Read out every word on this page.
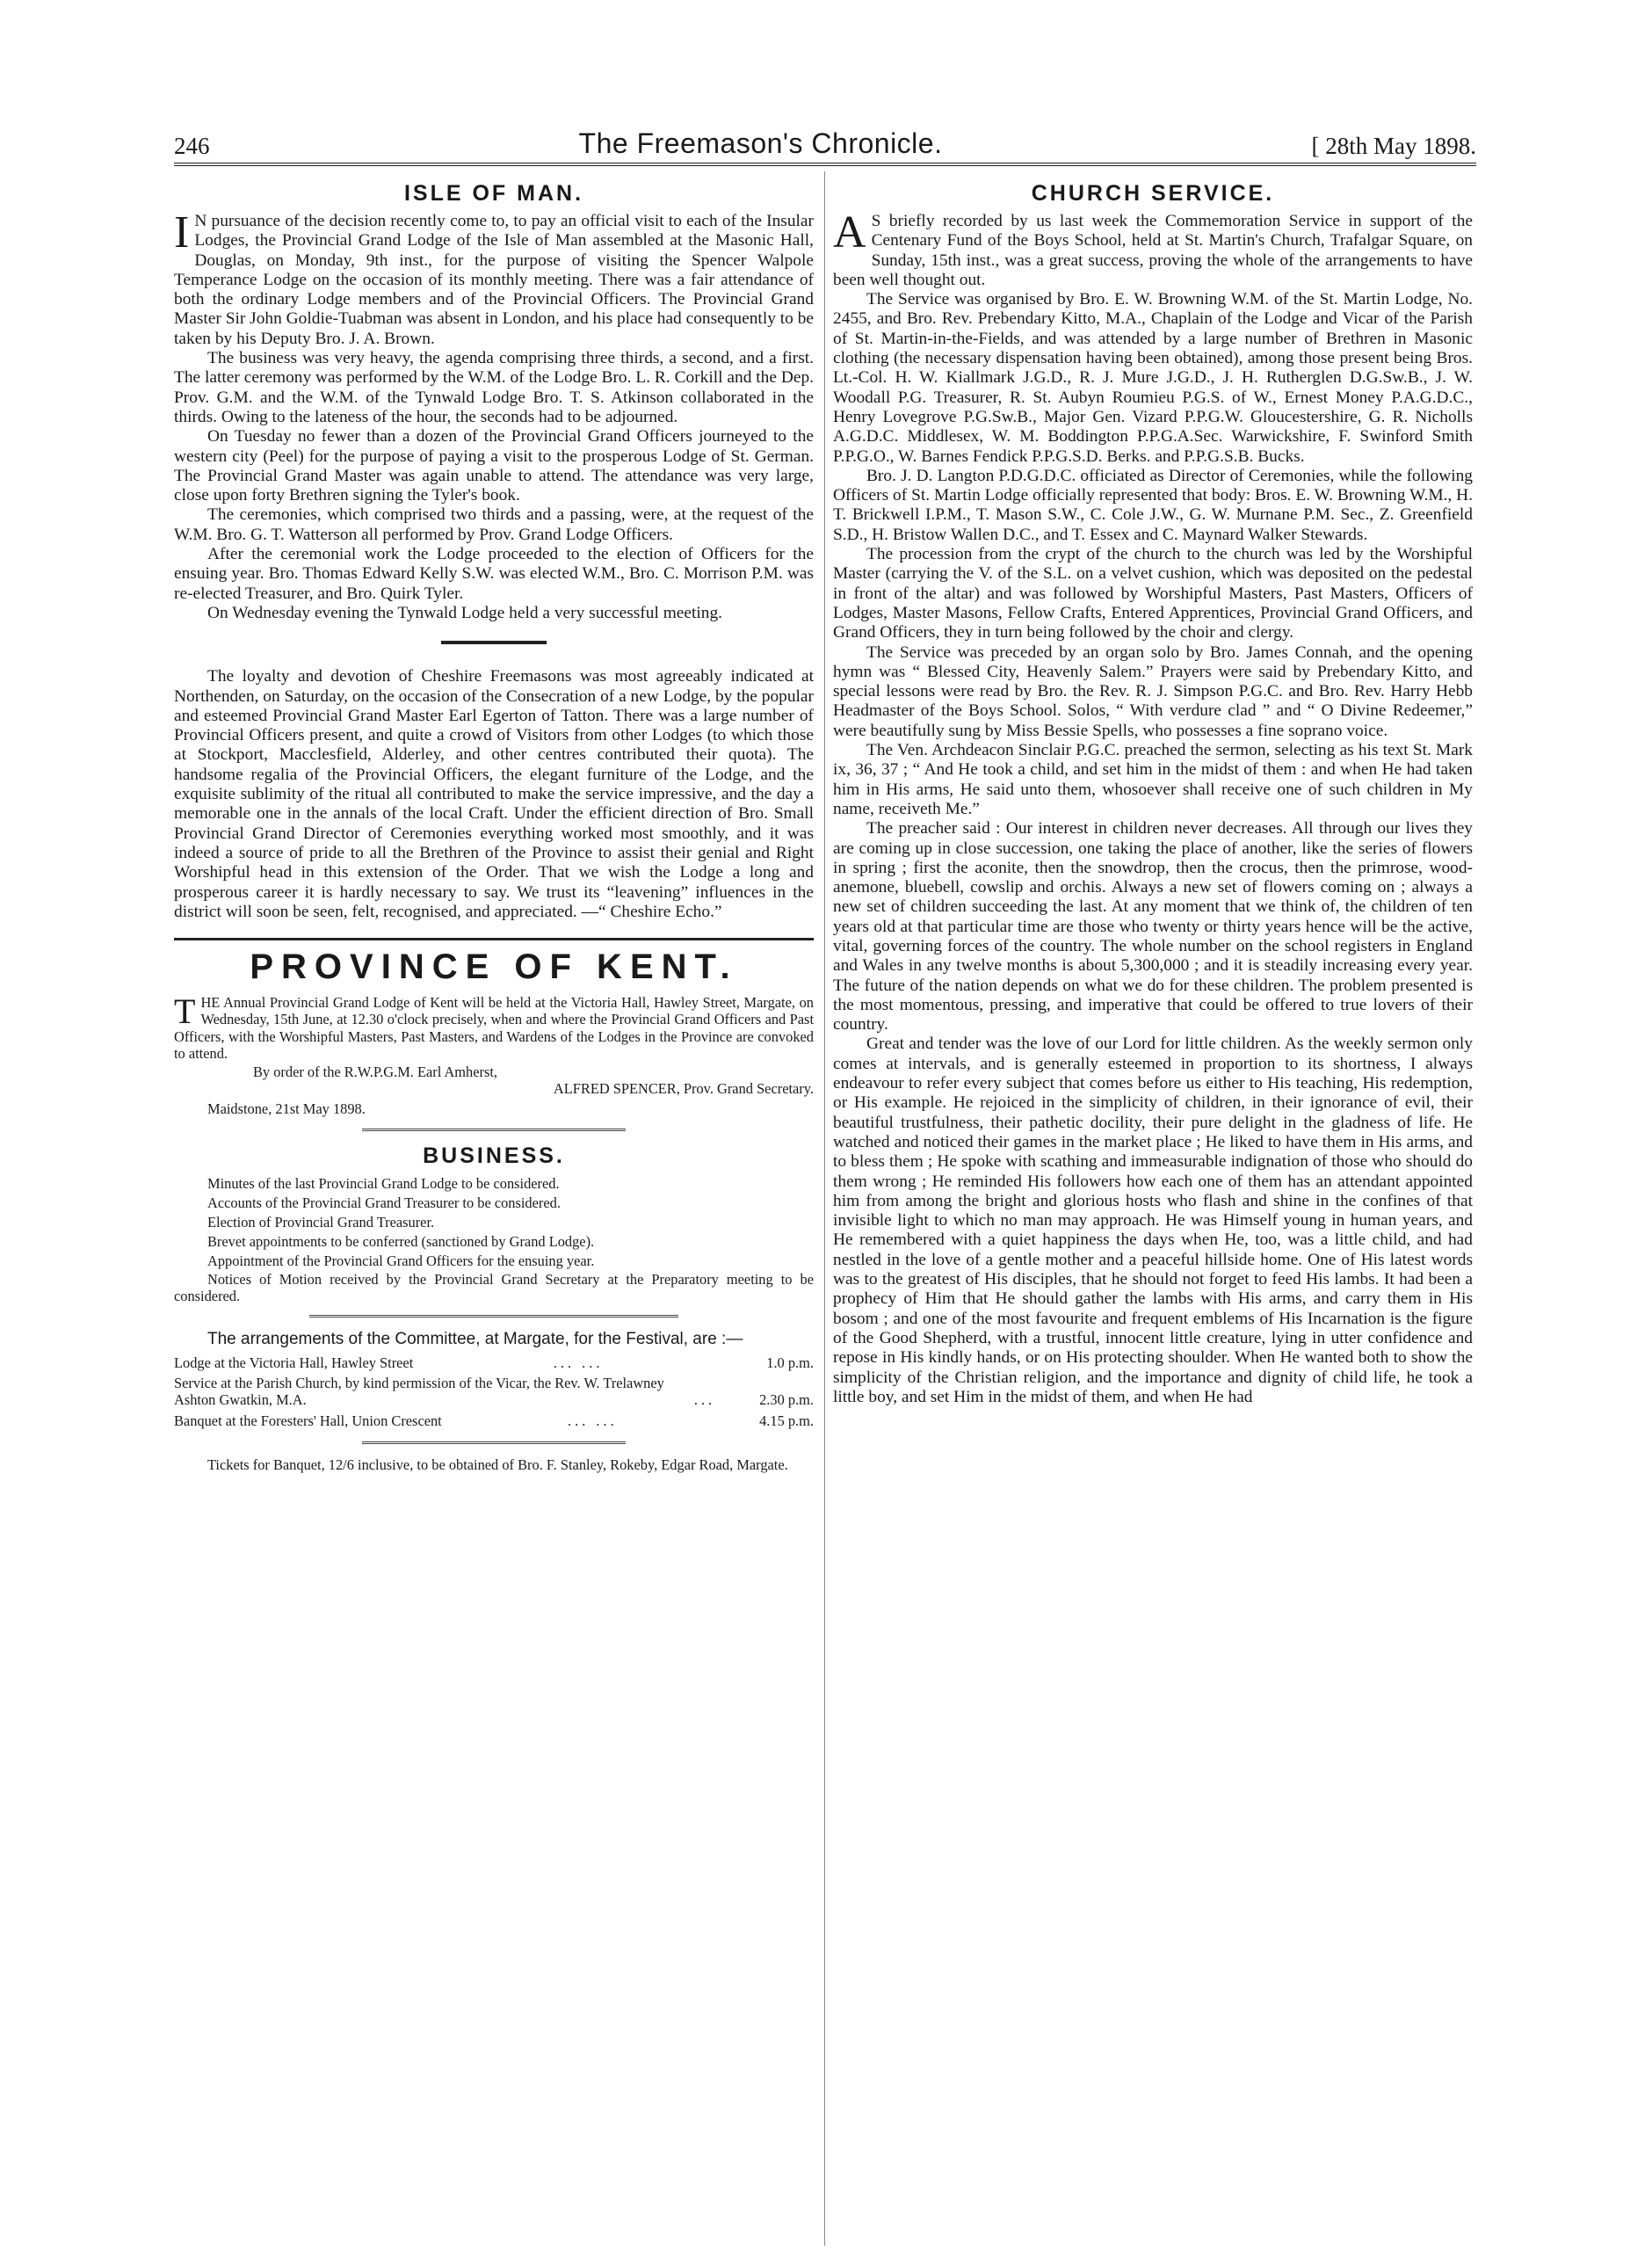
246	The Freemason's Chronicle.	[ 28th May 1898.
ISLE OF MAN.

I N pursuance of the decision recently come to, to pay an official visit to each of the Insular Lodges, the Provincial Grand Lodge of the Isle of Man assembled at the Masonic Hall, Douglas, on Monday, 9th inst., for the purpose of visiting the Spencer Walpole Temperance Lodge on the occasion of its monthly meeting. There was a fair attendance of both the ordinary Lodge members and of the Provincial Officers. The Provincial Grand Master Sir John Goldie-Tuabman was absent in London, and his place had consequently to be taken by his Deputy Bro. J. A. Brown.

The business was very heavy, the agenda comprising three thirds, a second, and a first. The latter ceremony was performed by the W.M. of the Lodge Bro. L. R. Corkill and the Dep. Prov. G.M. and the W.M. of the Tynwald Lodge Bro. T. S. Atkinson collaborated in the thirds. Owing to the lateness of the hour, the seconds had to be adjourned.

On Tuesday no fewer than a dozen of the Provincial Grand Officers journeyed to the western city (Peel) for the purpose of paying a visit to the prosperous Lodge of St. German. The Provincial Grand Master was again unable to attend. The attendance was very large, close upon forty Brethren signing the Tyler's book.

The ceremonies, which comprised two thirds and a passing, were, at the request of the W.M. Bro. G. T. Watterson all performed by Prov. Grand Lodge Officers.

After the ceremonial work the Lodge proceeded to the election of Officers for the ensuing year. Bro. Thomas Edward Kelly S.W. was elected W.M., Bro. C. Morrison P.M. was re-elected Treasurer, and Bro. Quirk Tyler.

On Wednesday evening the Tynwald Lodge held a very successful meeting.

The loyalty and devotion of Cheshire Freemasons was most agreeably indicated at Northenden, on Saturday, on the occasion of the Consecration of a new Lodge, by the popular and esteemed Provincial Grand Master Earl Egerton of Tatton. There was a large number of Provincial Officers present, and quite a crowd of Visitors from other Lodges (to which those at Stockport, Macclesfield, Alderley, and other centres contributed their quota). The handsome regalia of the Provincial Officers, the elegant furniture of the Lodge, and the exquisite sublimity of the ritual all contributed to make the service impressive, and the day a memorable one in the annals of the local Craft. Under the efficient direction of Bro. Small Provincial Grand Director of Ceremonies everything worked most smoothly, and it was indeed a source of pride to all the Brethren of the Province to assist their genial and Right Worshipful head in this extension of the Order. That we wish the Lodge a long and prosperous career it is hardly necessary to say. We trust its “leavening” influences in the district will soon be seen, felt, recognised, and appreciated. —“ Cheshire Echo.”

PROVINCE OF KENT.

THE Annual Provincial Grand Lodge of Kent will be held at the Victoria Hall, Hawley Street, Margate, on Wednesday, 15th June, at 12.30 o'clock precisely, when and where the Provincial Grand Officers and Past Officers, with the Worshipful Masters, Past Masters, and Wardens of the Lodges in the Province are convoked to attend.

By order of the R.W.P.G.M. Earl Amherst,

ALFRED SPENCER, Prov. Grand Secretary.

Maidstone, 21st May 1898.

BUSINESS.
Minutes of the last Provincial Grand Lodge to be considered.
Accounts of the Provincial Grand Treasurer to be considered.
Election of Provincial Grand Treasurer.
Brevet appointments to be conferred (sanctioned by Grand Lodge).
Appointment of the Provincial Grand Officers for the ensuing year.
Notices of Motion received by the Provincial Grand Secretary at the Preparatory meeting to be considered.
The arrangements of the Committee, at Margate, for the Festival, are :—
Lodge at the Victoria Hall, Hawley Street	... ...	1.0 p.m.
Service at the Parish Church, by kind permission of the Vicar, the Rev. W. Trelawney Ashton Gwatkin, M.A.	...	2.30 p.m.
Banquet at the Foresters' Hall, Union Crescent	... ...	4.15 p.m.

Tickets for Banquet, 12/6 inclusive, to be obtained of Bro. F. Stanley, Rokeby, Edgar Road, Margate.

CHURCH SERVICE.

A S briefly recorded by us last week the Commemoration Service in support of the Centenary Fund of the Boys School, held at St. Martin's Church, Trafalgar Square, on Sunday, 15th inst., was a great success, proving the whole of the arrangements to have been well thought out.

The Service was organised by Bro. E. W. Browning W.M. of the St. Martin Lodge, No. 2455, and Bro. Rev. Prebendary Kitto, M.A., Chaplain of the Lodge and Vicar of the Parish of St. Martin-in-the-Fields, and was attended by a large number of Brethren in Masonic clothing (the necessary dispensation having been obtained), among those present being Bros. Lt.-Col. H. W. Kiallmark J.G.D., R. J. Mure J.G.D., J. H. Rutherglen D.G.Sw.B., J. W. Woodall P.G. Treasurer, R. St. Aubyn Roumieu P.G.S. of W., Ernest Money P.A.G.D.C., Henry Lovegrove P.G.Sw.B., Major Gen. Vizard P.P.G.W. Gloucestershire, G. R. Nicholls A.G.D.C. Middlesex, W. M. Boddington P.P.G.A.Sec. Warwickshire, F. Swinford Smith P.P.G.O., W. Barnes Fendick P.P.G.S.D. Berks. and P.P.G.S.B. Bucks.

Bro. J. D. Langton P.D.G.D.C. officiated as Director of Ceremonies, while the following Officers of St. Martin Lodge officially represented that body: Bros. E. W. Browning W.M., H. T. Brickwell I.P.M., T. Mason S.W., C. Cole J.W., G. W. Murnane P.M. Sec., Z. Greenfield S.D., H. Bristow Wallen D.C., and T. Essex and C. Maynard Walker Stewards.

The procession from the crypt of the church to the church was led by the Worshipful Master (carrying the V. of the S.L. on a velvet cushion, which was deposited on the pedestal in front of the altar) and was followed by Worshipful Masters, Past Masters, Officers of Lodges, Master Masons, Fellow Crafts, Entered Apprentices, Provincial Grand Officers, and Grand Officers, they in turn being followed by the choir and clergy.

The Service was preceded by an organ solo by Bro. James Connah, and the opening hymn was “ Blessed City, Heavenly Salem.” Prayers were said by Prebendary Kitto, and special lessons were read by Bro. the Rev. R. J. Simpson P.G.C. and Bro. Rev. Harry Hebb Headmaster of the Boys School. Solos, “ With verdure clad ” and “ O Divine Redeemer,” were beautifully sung by Miss Bessie Spells, who possesses a fine soprano voice.

The Ven. Archdeacon Sinclair P.G.C. preached the sermon, selecting as his text St. Mark ix, 36, 37 ; “ And He took a child, and set him in the midst of them : and when He had taken him in His arms, He said unto them, whosoever shall receive one of such children in My name, receiveth Me.”

The preacher said : Our interest in children never decreases. All through our lives they are coming up in close succession, one taking the place of another, like the series of flowers in spring ; first the aconite, then the snowdrop, then the crocus, then the primrose, wood-anemone, bluebell, cowslip and orchis. Always a new set of flowers coming on ; always a new set of children succeeding the last. At any moment that we think of, the children of ten years old at that particular time are those who twenty or thirty years hence will be the active, vital, governing forces of the country. The whole number on the school registers in England and Wales in any twelve months is about 5,300,000 ; and it is steadily increasing every year. The future of the nation depends on what we do for these children. The problem presented is the most momentous, pressing, and imperative that could be offered to true lovers of their country.

Great and tender was the love of our Lord for little children. As the weekly sermon only comes at intervals, and is generally esteemed in proportion to its shortness, I always endeavour to refer every subject that comes before us either to His teaching, His redemption, or His example. He rejoiced in the simplicity of children, in their ignorance of evil, their beautiful trustfulness, their pathetic docility, their pure delight in the gladness of life. He watched and noticed their games in the market place ; He liked to have them in His arms, and to bless them ; He spoke with scathing and immeasurable indignation of those who should do them wrong ; He reminded His followers how each one of them has an attendant appointed him from among the bright and glorious hosts who flash and shine in the confines of that invisible light to which no man may approach. He was Himself young in human years, and He remembered with a quiet happiness the days when He, too, was a little child, and had nestled in the love of a gentle mother and a peaceful hillside home. One of His latest words was to the greatest of His disciples, that he should not forget to feed His lambs. It had been a prophecy of Him that He should gather the lambs with His arms, and carry them in His bosom ; and one of the most favourite and frequent emblems of His Incarnation is the figure of the Good Shepherd, with a trustful, innocent little creature, lying in utter confidence and repose in His kindly hands, or on His protecting shoulder. When He wanted both to show the simplicity of the Christian religion, and the importance and dignity of child life, he took a little boy, and set Him in the midst of them, and when He had
